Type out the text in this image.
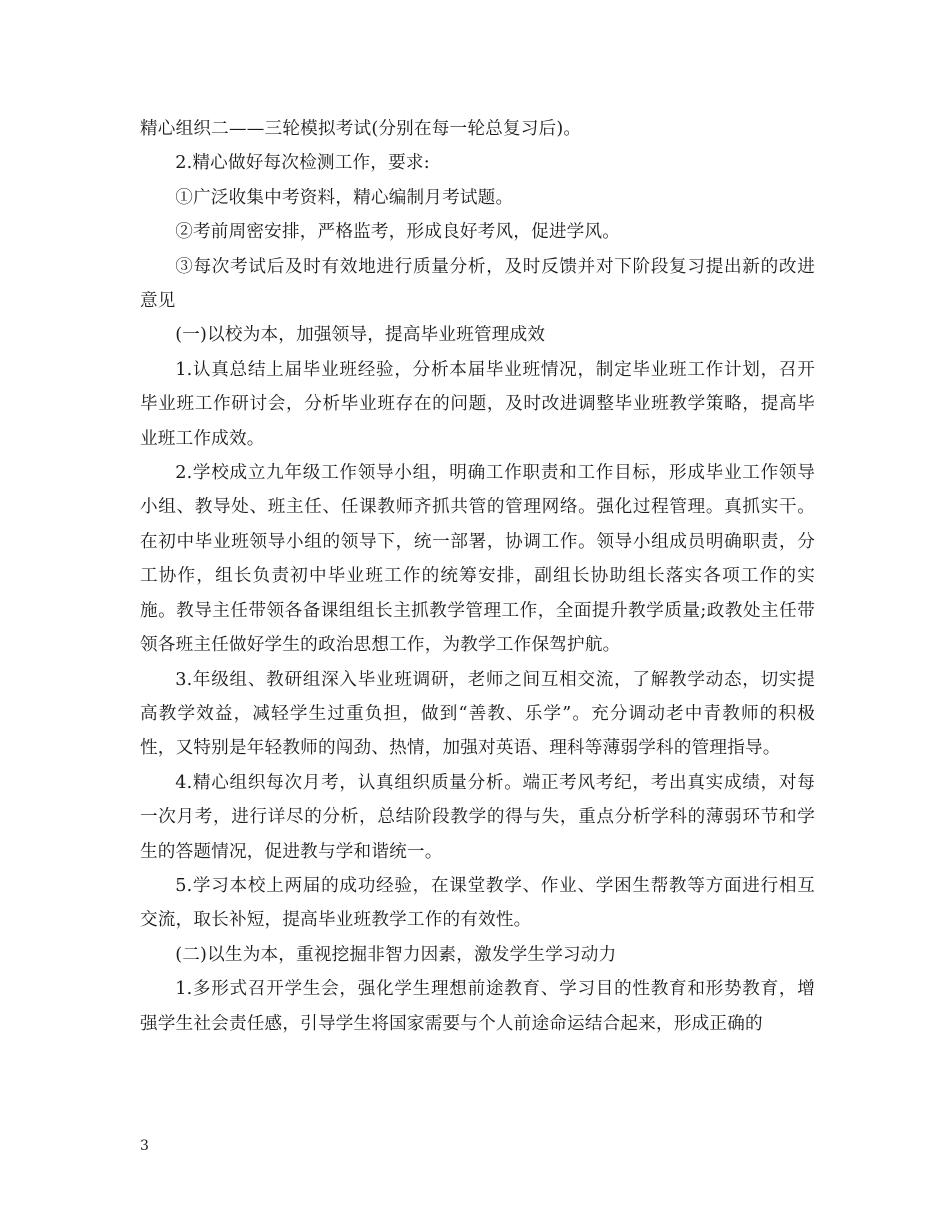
精心组织二——三轮模拟考试(分别在每一轮总复习后)。

2.精心做好每次检测工作，要求:

①广泛收集中考资料，精心编制月考试题。

②考前周密安排，严格监考，形成良好考风，促进学风。

③每次考试后及时有效地进行质量分析，及时反馈并对下阶段复习提出新的改进意见

(一)以校为本，加强领导，提高毕业班管理成效

1.认真总结上届毕业班经验，分析本届毕业班情况，制定毕业班工作计划，召开毕业班工作研讨会，分析毕业班存在的问题，及时改进调整毕业班教学策略，提高毕业班工作成效。

2.学校成立九年级工作领导小组，明确工作职责和工作目标，形成毕业工作领导小组、教导处、班主任、任课教师齐抓共管的管理网络。强化过程管理。真抓实干。在初中毕业班领导小组的领导下，统一部署，协调工作。领导小组成员明确职责，分工协作，组长负责初中毕业班工作的统筹安排，副组长协助组长落实各项工作的实施。教导主任带领各备课组组长主抓教学管理工作，全面提升教学质量;政教处主任带领各班主任做好学生的政治思想工作，为教学工作保驾护航。

3.年级组、教研组深入毕业班调研，老师之间互相交流，了解教学动态，切实提高教学效益，减轻学生过重负担，做到“善教、乐学”。充分调动老中青教师的积极性，又特别是年轻教师的闯劲、热情，加强对英语、理科等薄弱学科的管理指导。

4.精心组织每次月考，认真组织质量分析。端正考风考纪，考出真实成绩，对每一次月考，进行详尽的分析，总结阶段教学的得与失，重点分析学科的薄弱环节和学生的答题情况，促进教与学和谐统一。

5.学习本校上两届的成功经验，在课堂教学、作业、学困生帮教等方面进行相互交流，取长补短，提高毕业班教学工作的有效性。

(二)以生为本，重视挖掘非智力因素，激发学生学习动力

1.多形式召开学生会，强化学生理想前途教育、学习目的性教育和形势教育，增强学生社会责任感，引导学生将国家需要与个人前途命运结合起来，形成正确的

3
